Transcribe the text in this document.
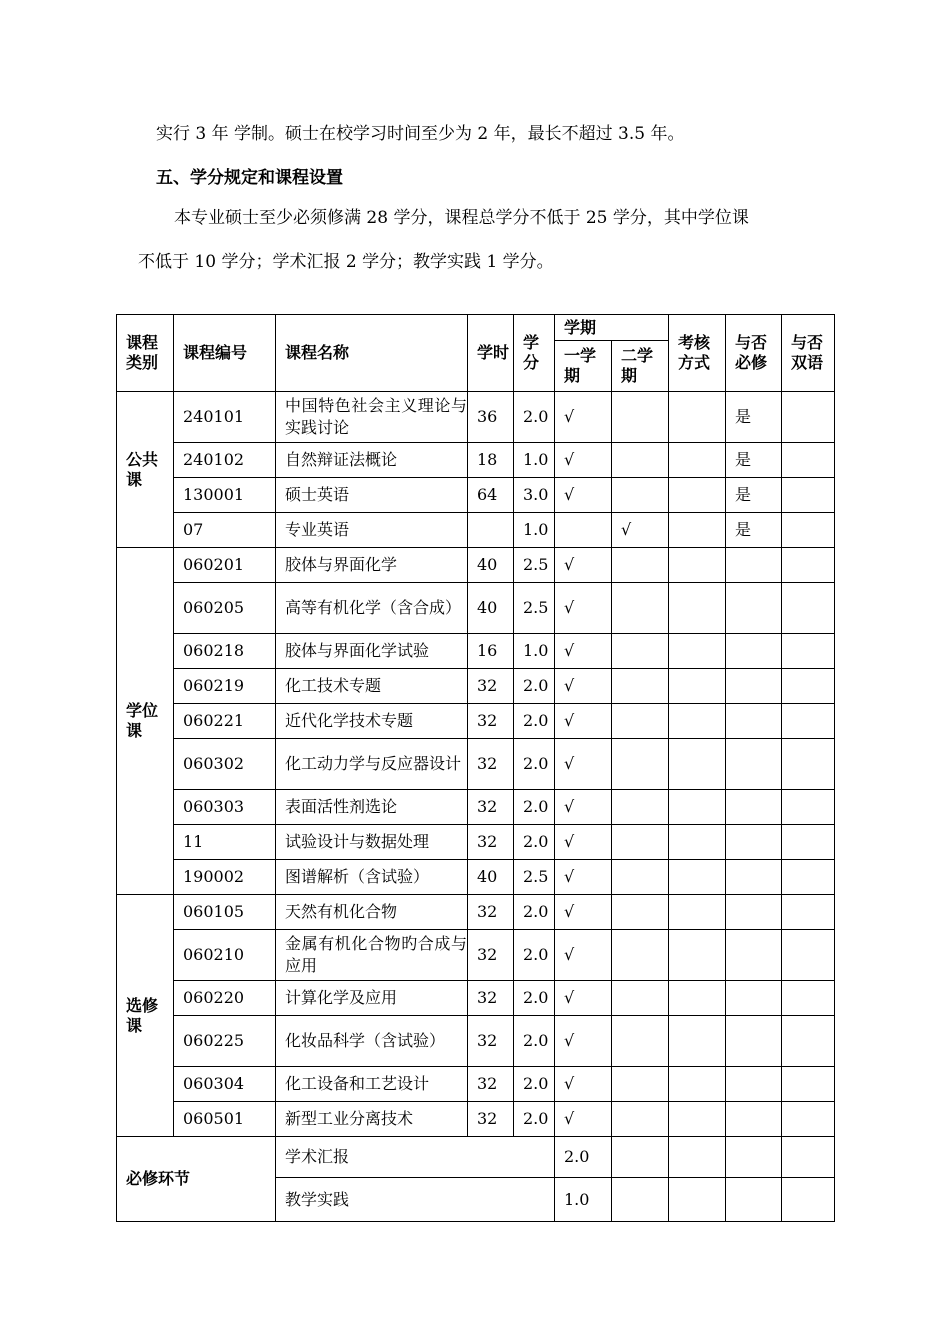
实行 3 年 学制。硕士在校学习时间至少为 2 年，最长不超过 3.5 年。
五、学分规定和课程设置
本专业硕士至少必须修满 28 学分，课程总学分不低于 25 学分，其中学位课
不低于 10 学分；学术汇报 2 学分；教学实践 1 学分。
课程类别	课程编号	课程名称	学时	学分	学期		考核方式	与否必修	与否双语	
					一学期	二学期				
公共课	240101	中国特色社会主义理论与实践讨论	36	2.0	√			是		
	240102	自然辩证法概论	18	1.0	√			是		
	130001	硕士英语	64	3.0	√			是		
	07	专业英语		1.0		√		是		
学位课	060201	胶体与界面化学	40	2.5	√					
	060205	高等有机化学（含合成）	40	2.5	√					
	060218	胶体与界面化学试验	16	1.0	√					
	060219	化工技术专题	32	2.0	√					
	060221	近代化学技术专题	32	2.0	√					
	060302	化工动力学与反应器设计	32	2.0	√					
	060303	表面活性剂选论	32	2.0	√					
	11	试验设计与数据处理	32	2.0	√					
	190002	图谱解析（含试验）	40	2.5	√					
选修课	060105	天然有机化合物	32	2.0	√					
	060210	金属有机化合物旳合成与应用	32	2.0	√					
	060220	计算化学及应用	32	2.0	√					
	060225	化妆品科学（含试验）	32	2.0	√					
	060304	化工设备和工艺设计	32	2.0	√					
	060501	新型工业分离技术	32	2.0	√					
必修环节		学术汇报			2.0					
		教学实践			1.0					
